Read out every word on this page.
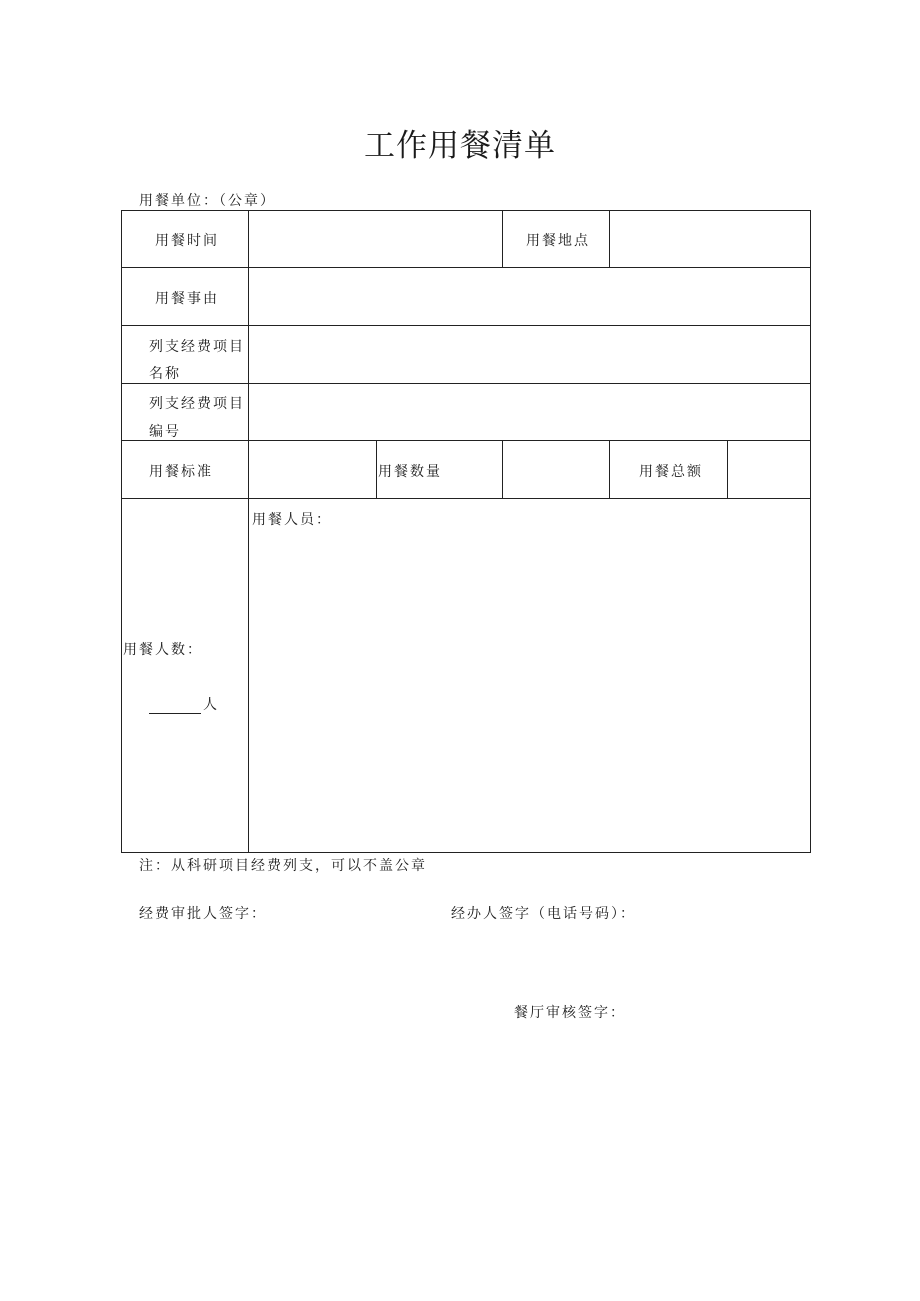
工作用餐清单
用餐单位：（公章）
用餐时间	用餐地点
用餐事由
列支经费项目
名称
列支经费项目
编号
用餐标准	用餐数量	用餐总额
用餐人数：
人
用餐人员：
注：从科研项目经费列支，可以不盖公章
经费审批人签字：	经办人签字（电话号码）：
餐厅审核签字：
